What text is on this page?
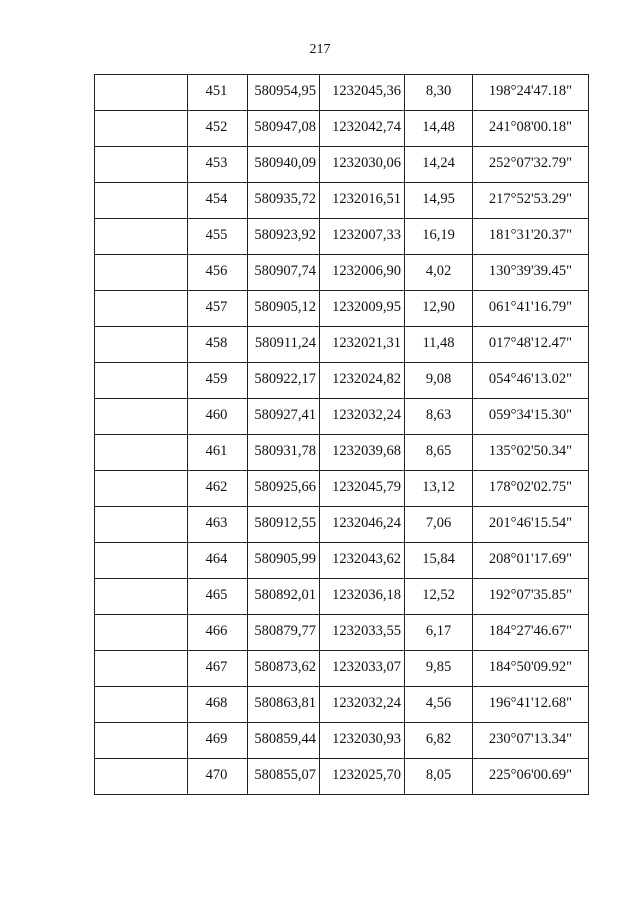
217
	451	580954,95	1232045,36	8,30	198°24'47.18"
	452	580947,08	1232042,74	14,48	241°08'00.18"
	453	580940,09	1232030,06	14,24	252°07'32.79"
	454	580935,72	1232016,51	14,95	217°52'53.29"
	455	580923,92	1232007,33	16,19	181°31'20.37"
	456	580907,74	1232006,90	4,02	130°39'39.45"
	457	580905,12	1232009,95	12,90	061°41'16.79"
	458	580911,24	1232021,31	11,48	017°48'12.47"
	459	580922,17	1232024,82	9,08	054°46'13.02"
	460	580927,41	1232032,24	8,63	059°34'15.30"
	461	580931,78	1232039,68	8,65	135°02'50.34"
	462	580925,66	1232045,79	13,12	178°02'02.75"
	463	580912,55	1232046,24	7,06	201°46'15.54"
	464	580905,99	1232043,62	15,84	208°01'17.69"
	465	580892,01	1232036,18	12,52	192°07'35.85"
	466	580879,77	1232033,55	6,17	184°27'46.67"
	467	580873,62	1232033,07	9,85	184°50'09.92"
	468	580863,81	1232032,24	4,56	196°41'12.68"
	469	580859,44	1232030,93	6,82	230°07'13.34"
	470	580855,07	1232025,70	8,05	225°06'00.69"
